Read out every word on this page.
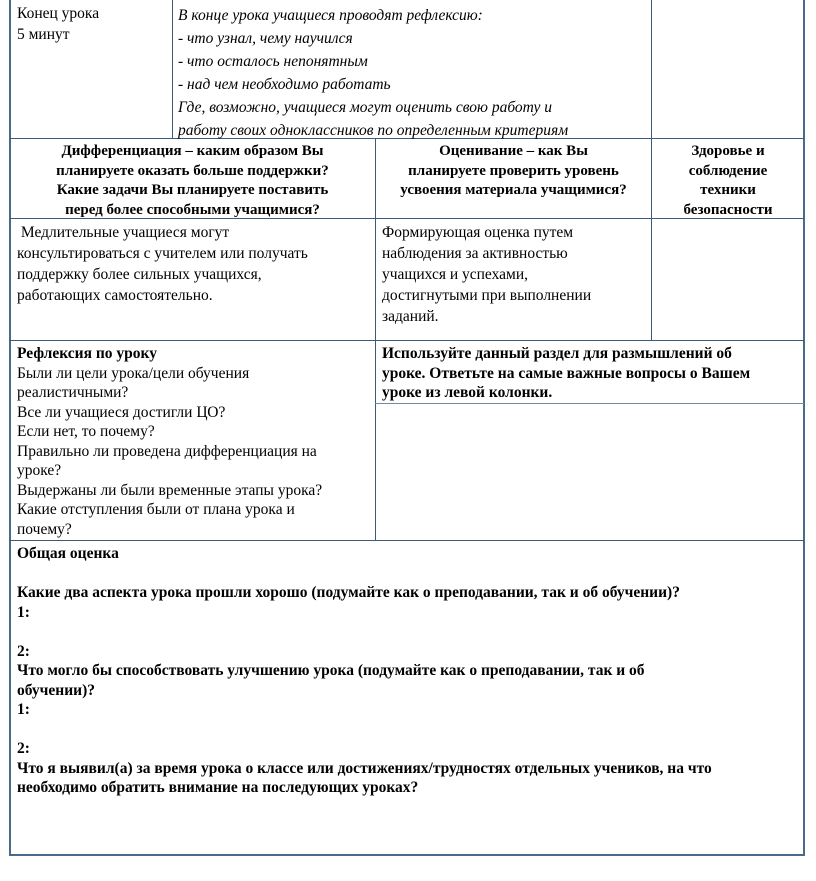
Конец урока
5 минут
В конце урока учащиеся проводят рефлексию:
- что узнал, чему научился
- что осталось непонятным
- над чем необходимо работать
Где, возможно, учащиеся могут оценить свою работу и
работу своих одноклассников по определенным критериям
Дифференциация – каким образом Вы
планируете оказать больше поддержки?
Какие задачи Вы планируете поставить
перед более способными учащимися?
Оценивание – как Вы
планируете проверить уровень
усвоения материала учащимися?
Здоровье и
соблюдение
техники
безопасности
Медлительные учащиеся могут
консультироваться с учителем или получать
поддержку более сильных учащихся,
работающих самостоятельно.
Формирующая оценка путем
наблюдения за активностью
учащихся и успехами,
достигнутыми при выполнении
заданий.
Рефлексия по уроку
Были ли цели урока/цели обучения
реалистичными?
Все ли учащиеся достигли ЦО?
Если нет, то почему?
Правильно ли проведена дифференциация на
уроке?
Выдержаны ли были временные этапы урока?
Какие отступления были от плана урока и
почему?
Используйте данный раздел для размышлений об
уроке. Ответьте на самые важные вопросы о Вашем
уроке из левой колонки.
Общая оценка
Какие два аспекта урока прошли хорошо (подумайте как о преподавании, так и об обучении)?
1:
2:
Что могло бы способствовать улучшению урока (подумайте как о преподавании, так и об
обучении)?
1:
2:
Что я выявил(а) за время урока о классе или достижениях/трудностях отдельных учеников, на что
необходимо обратить внимание на последующих уроках?
